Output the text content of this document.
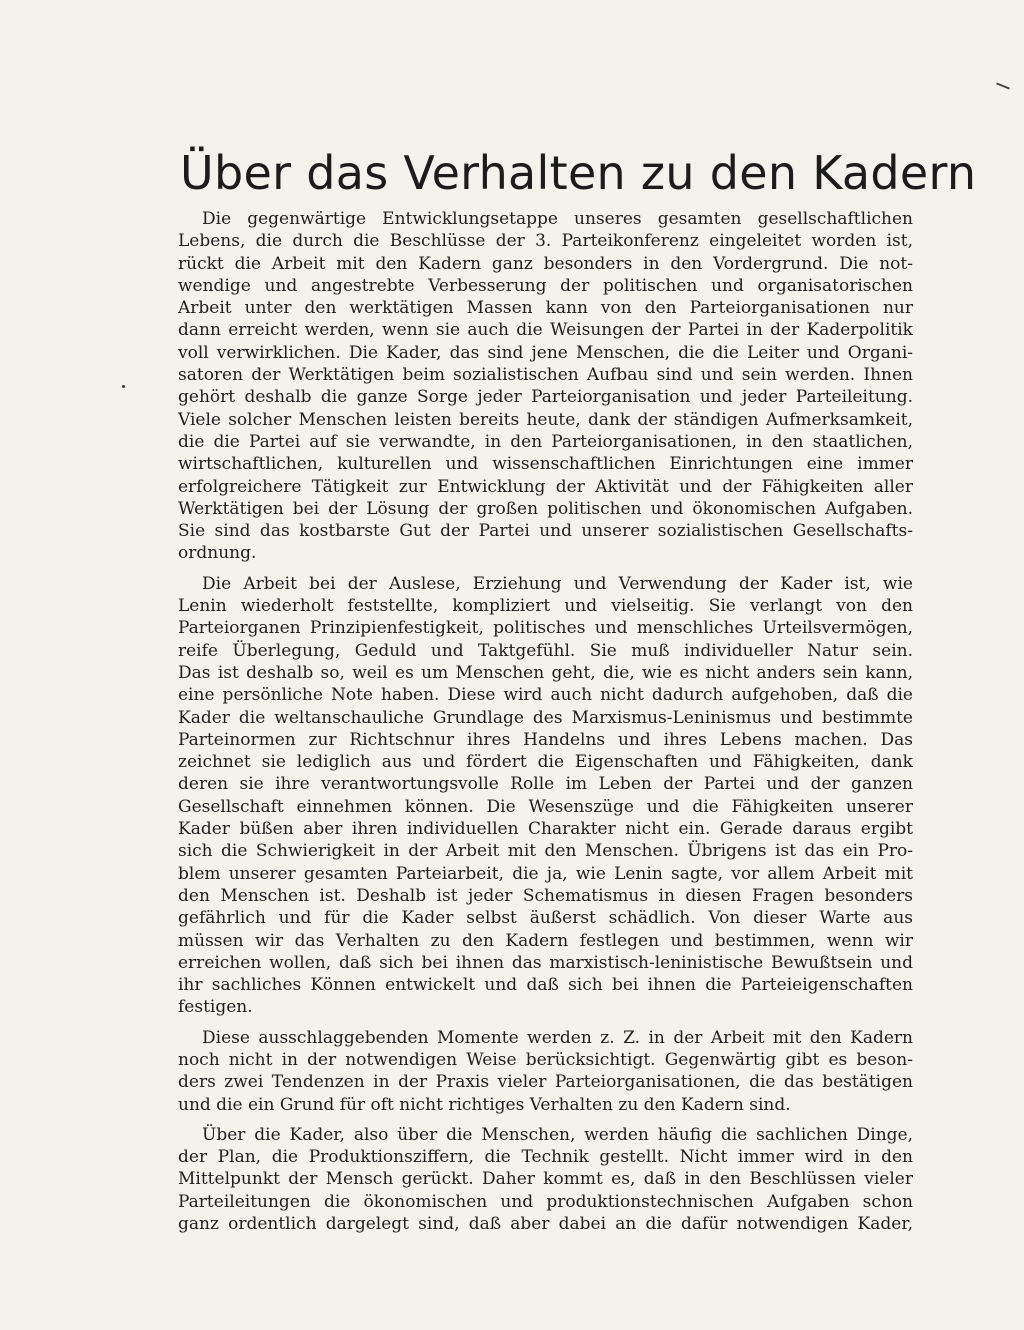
Über das Verhalten zu den Kadern

Die gegenwärtige Entwicklungsetappe unseres gesamten gesellschaftlichen
Lebens, die durch die Beschlüsse der 3. Parteikonferenz eingeleitet worden ist,
rückt die Arbeit mit den Kadern ganz besonders in den Vordergrund. Die not-
wendige und angestrebte Verbesserung der politischen und organisatorischen
Arbeit unter den werktätigen Massen kann von den Parteiorganisationen nur
dann erreicht werden, wenn sie auch die Weisungen der Partei in der Kaderpolitik
voll verwirklichen. Die Kader, das sind jene Menschen, die die Leiter und Organi-
satoren der Werktätigen beim sozialistischen Aufbau sind und sein werden. Ihnen
gehört deshalb die ganze Sorge jeder Parteiorganisation und jeder Parteileitung.
Viele solcher Menschen leisten bereits heute, dank der ständigen Aufmerksamkeit,
die die Partei auf sie verwandte, in den Parteiorganisationen, in den staatlichen,
wirtschaftlichen, kulturellen und wissenschaftlichen Einrichtungen eine immer
erfolgreichere Tätigkeit zur Entwicklung der Aktivität und der Fähigkeiten aller
Werktätigen bei der Lösung der großen politischen und ökonomischen Aufgaben.
Sie sind das kostbarste Gut der Partei und unserer sozialistischen Gesellschafts-
ordnung.

Die Arbeit bei der Auslese, Erziehung und Verwendung der Kader ist, wie
Lenin wiederholt feststellte, kompliziert und vielseitig. Sie verlangt von den
Parteiorganen Prinzipienfestigkeit, politisches und menschliches Urteilsvermögen,
reife Überlegung, Geduld und Taktgefühl. Sie muß individueller Natur sein.
Das ist deshalb so, weil es um Menschen geht, die, wie es nicht anders sein kann,
eine persönliche Note haben. Diese wird auch nicht dadurch aufgehoben, daß die
Kader die weltanschauliche Grundlage des Marxismus-Leninismus und bestimmte
Parteinormen zur Richtschnur ihres Handelns und ihres Lebens machen. Das
zeichnet sie lediglich aus und fördert die Eigenschaften und Fähigkeiten, dank
deren sie ihre verantwortungsvolle Rolle im Leben der Partei und der ganzen
Gesellschaft einnehmen können. Die Wesenszüge und die Fähigkeiten unserer
Kader büßen aber ihren individuellen Charakter nicht ein. Gerade daraus ergibt
sich die Schwierigkeit in der Arbeit mit den Menschen. Übrigens ist das ein Pro-
blem unserer gesamten Parteiarbeit, die ja, wie Lenin sagte, vor allem Arbeit mit
den Menschen ist. Deshalb ist jeder Schematismus in diesen Fragen besonders
gefährlich und für die Kader selbst äußerst schädlich. Von dieser Warte aus
müssen wir das Verhalten zu den Kadern festlegen und bestimmen, wenn wir
erreichen wollen, daß sich bei ihnen das marxistisch-leninistische Bewußtsein und
ihr sachliches Können entwickelt und daß sich bei ihnen die Parteieigenschaften
festigen.

Diese ausschlaggebenden Momente werden z. Z. in der Arbeit mit den Kadern
noch nicht in der notwendigen Weise berücksichtigt. Gegenwärtig gibt es beson-
ders zwei Tendenzen in der Praxis vieler Parteiorganisationen, die das bestätigen
und die ein Grund für oft nicht richtiges Verhalten zu den Kadern sind.

Über die Kader, also über die Menschen, werden häufig die sachlichen Dinge,
der Plan, die Produktionsziffern, die Technik gestellt. Nicht immer wird in den
Mittelpunkt der Mensch gerückt. Daher kommt es, daß in den Beschlüssen vieler
Parteileitungen die ökonomischen und produktionstechnischen Aufgaben schon
ganz ordentlich dargelegt sind, daß aber dabei an die dafür notwendigen Kader,
